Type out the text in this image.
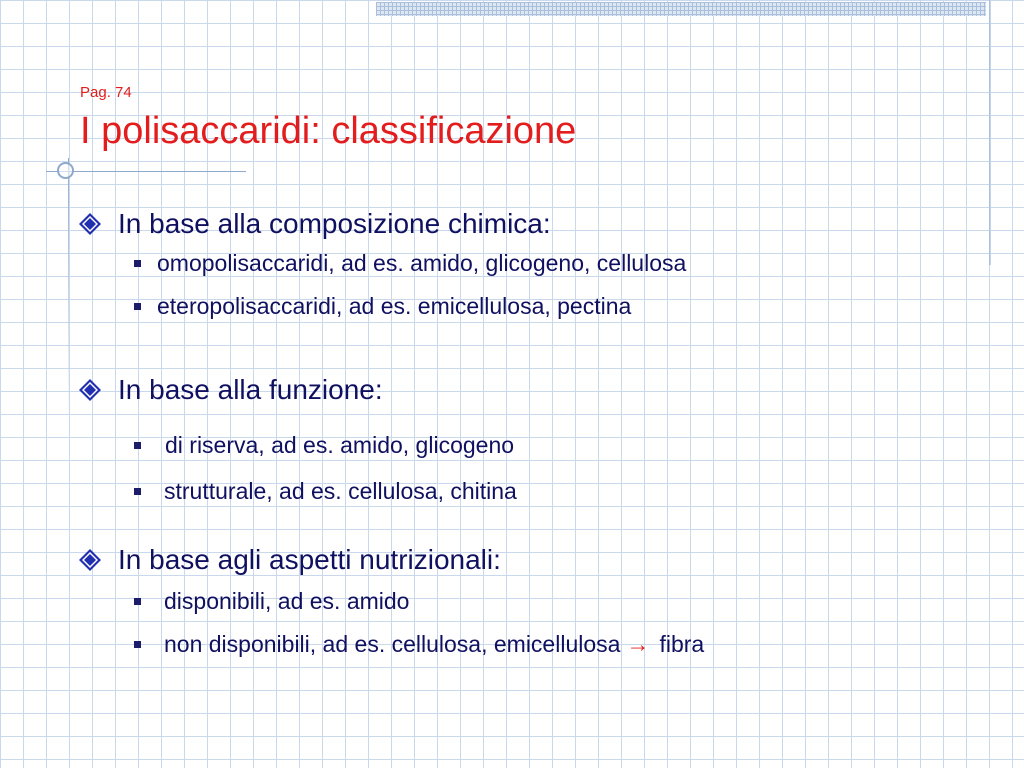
Pag. 74
I polisaccaridi: classificazione
In base alla composizione chimica:
omopolisaccaridi, ad es. amido, glicogeno, cellulosa
eteropolisaccaridi, ad es. emicellulosa, pectina
In base alla funzione:
di riserva, ad es. amido, glicogeno
strutturale, ad es. cellulosa, chitina
In base agli aspetti nutrizionali:
disponibili, ad es. amido
non disponibili, ad es. cellulosa, emicellulosa → fibra
